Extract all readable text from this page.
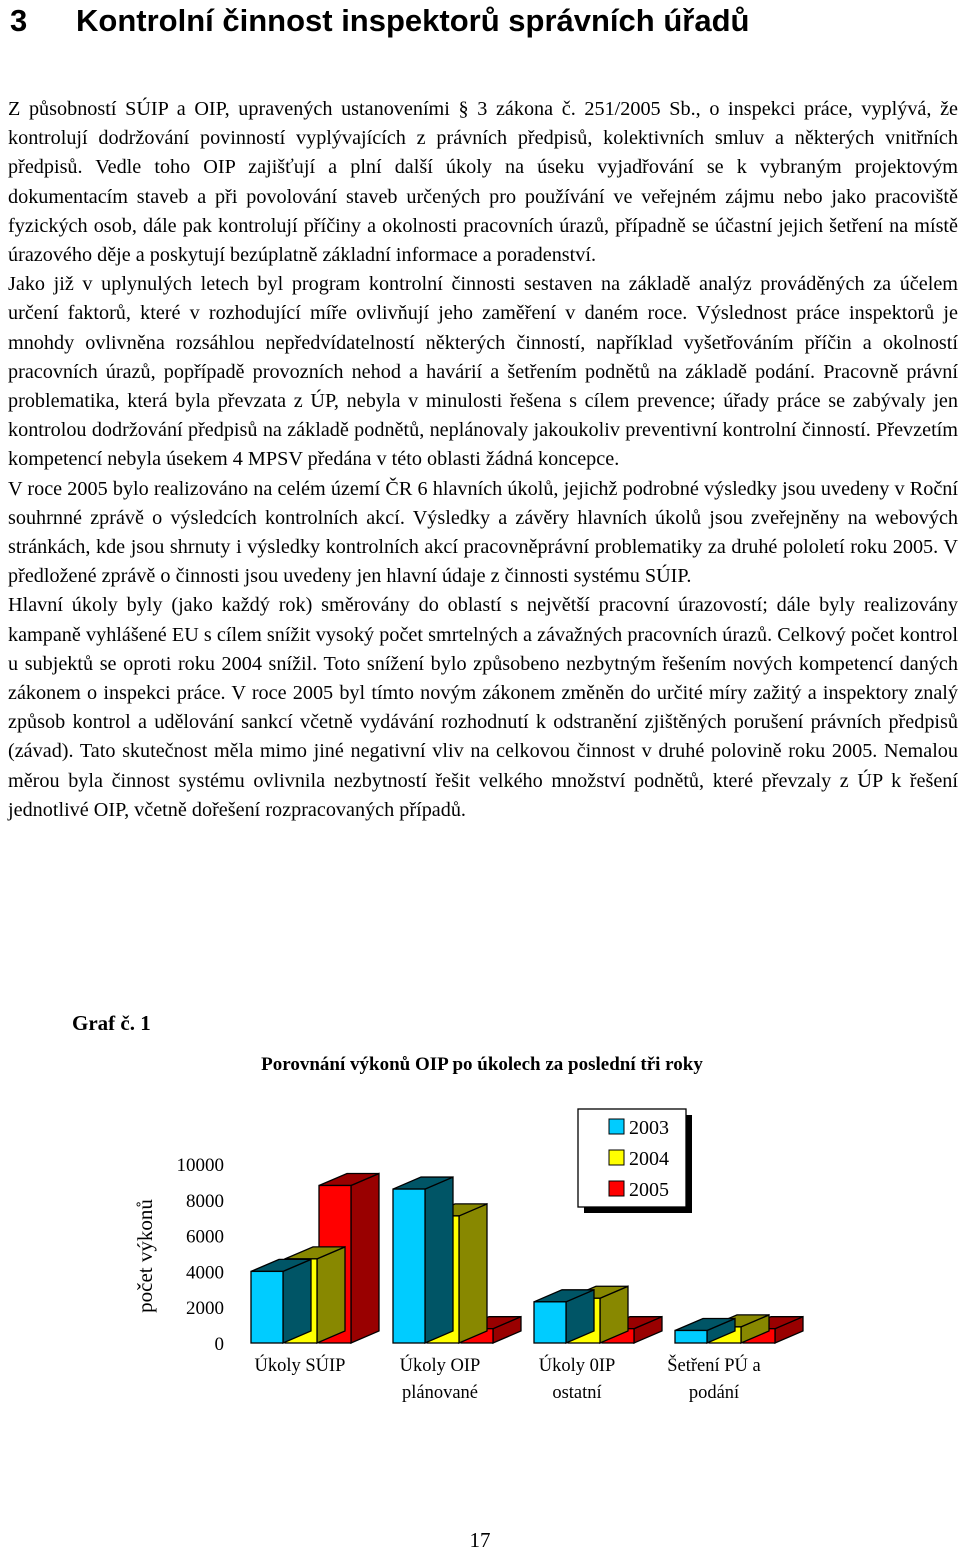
3 Kontrolní činnost inspektorů správních úřadů

Z působností SÚIP a OIP, upravených ustanoveními § 3 zákona č. 251/2005 Sb., o inspekci práce, vyplývá, že kontrolují dodržování povinností vyplývajících z právních předpisů, kolektivních smluv a některých vnitřních předpisů. Vedle toho OIP zajišťují a plní další úkoly na úseku vyjadřování se k vybraným projektovým dokumentacím staveb a při povolování staveb určených pro používání ve veřejném zájmu nebo jako pracoviště fyzických osob, dále pak kontrolují příčiny a okolnosti pracovních úrazů, případně se účastní jejich šetření na místě úrazového děje a poskytují bezúplatně základní informace a poradenství.

Jako již v uplynulých letech byl program kontrolní činnosti sestaven na základě analýz prováděných za účelem určení faktorů, které v rozhodující míře ovlivňují jeho zaměření v daném roce. Výslednost práce inspektorů je mnohdy ovlivněna rozsáhlou nepředvídatelností některých činností, například vyšetřováním příčin a okolností pracovních úrazů, popřípadě provozních nehod a havárií a šetřením podnětů na základě podání. Pracovně právní problematika, která byla převzata z ÚP, nebyla v minulosti řešena s cílem prevence; úřady práce se zabývaly jen kontrolou dodržování předpisů na základě podnětů, neplánovaly jakoukoliv preventivní kontrolní činností. Převzetím kompetencí nebyla úsekem 4 MPSV předána v této oblasti žádná koncepce.

V roce 2005 bylo realizováno na celém území ČR 6 hlavních úkolů, jejichž podrobné výsledky jsou uvedeny v Roční souhrnné zprávě o výsledcích kontrolních akcí. Výsledky a závěry hlavních úkolů jsou zveřejněny na webových stránkách, kde jsou shrnuty i výsledky kontrolních akcí pracovněprávní problematiky za druhé pololetí roku 2005. V předložené zprávě o činnosti jsou uvedeny jen hlavní údaje z činnosti systému SÚIP.

Hlavní úkoly byly (jako každý rok) směrovány do oblastí s největší pracovní úrazovostí; dále byly realizovány kampaně vyhlášené EU s cílem snížit vysoký počet smrtelných a závažných pracovních úrazů. Celkový počet kontrol u subjektů se oproti roku 2004 snížil. Toto snížení bylo způsobeno nezbytným řešením nových kompetencí daných zákonem o inspekci práce. V roce 2005 byl tímto novým zákonem změněn do určité míry zažitý a inspektory znalý způsob kontrol a udělování sankcí včetně vydávání rozhodnutí k odstranění zjištěných porušení právních předpisů (závad). Tato skutečnost měla mimo jiné negativní vliv na celkovou činnost v druhé polovině roku 2005. Nemalou měrou byla činnost systému ovlivnila nezbytností řešit velkého množství podnětů, které převzaly z ÚP k řešení jednotlivé OIP, včetně dořešení rozpracovaných případů.

Graf č. 1
Porovnání výkonů OIP po úkolech za poslední tři roky
0
2000
4000
6000
8000
10000
počet výkonů
Úkoly SÚIP	Úkoly OIP
plánované
Úkoly 0IP
ostatní
Šetření PÚ a
podání
2003
2004
2005
17
